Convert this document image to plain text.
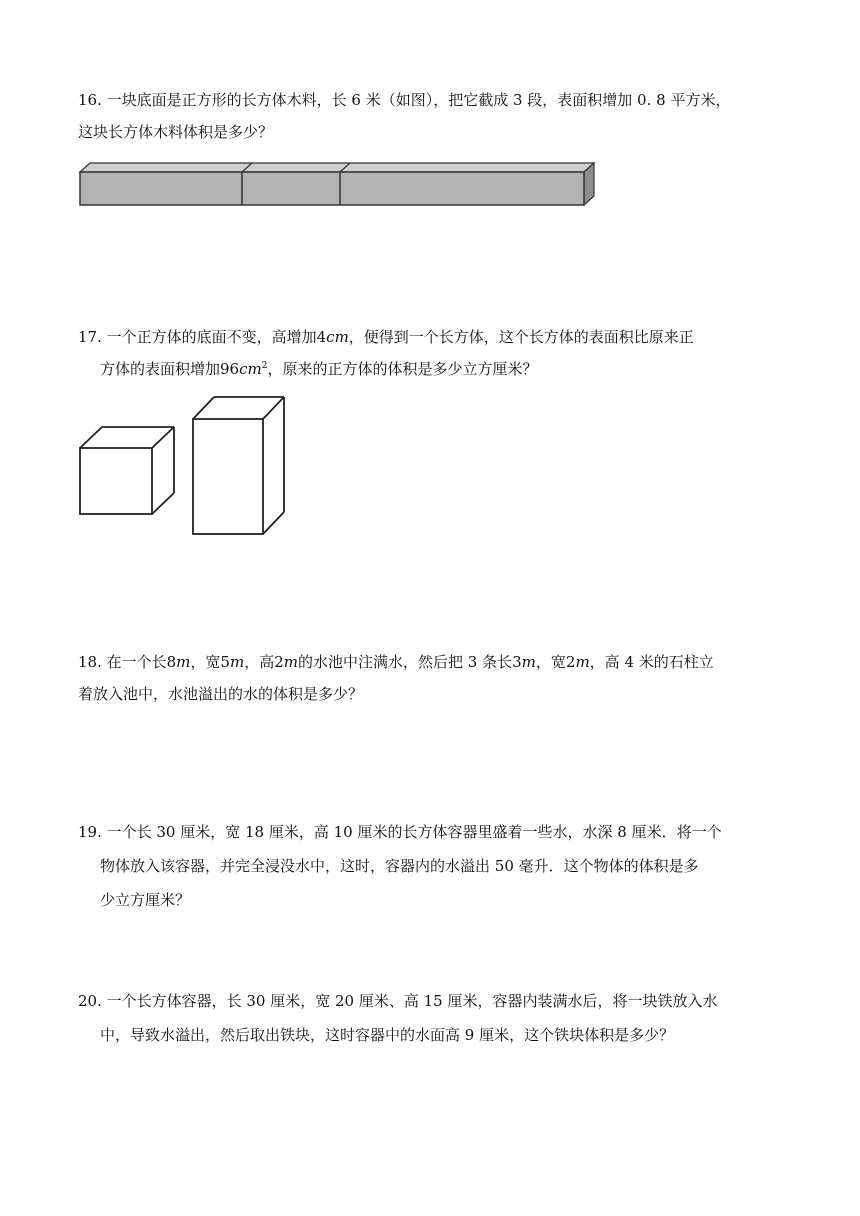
16. 一块底面是正方形的长方体木料，长 6 米（如图），把它截成 3 段，表面积增加 0. 8 平方米，
这块长方体木料体积是多少？
17. 一个正方体的底面不变，高增加4cm，便得到一个长方体，这个长方体的表面积比原来正
方体的表面积增加$96cm^2$，原来的正方体的体积是多少立方厘米？
18. 在一个长8m，宽5m，高2m的水池中注满水，然后把 3 条长3m，宽2m，高 4 米的石柱立
着放入池中，水池溢出的水的体积是多少？
19. 一个长 30 厘米，宽 18 厘米，高 10 厘米的长方体容器里盛着一些水，水深 8 厘米．将一个
物体放入该容器，并完全浸没水中，这时，容器内的水溢出 50 毫升．这个物体的体积是多
少立方厘米？
20. 一个长方体容器，长 30 厘米，宽 20 厘米、高 15 厘米，容器内装满水后，将一块铁放入水
中，导致水溢出，然后取出铁块，这时容器中的水面高 9 厘米，这个铁块体积是多少？
